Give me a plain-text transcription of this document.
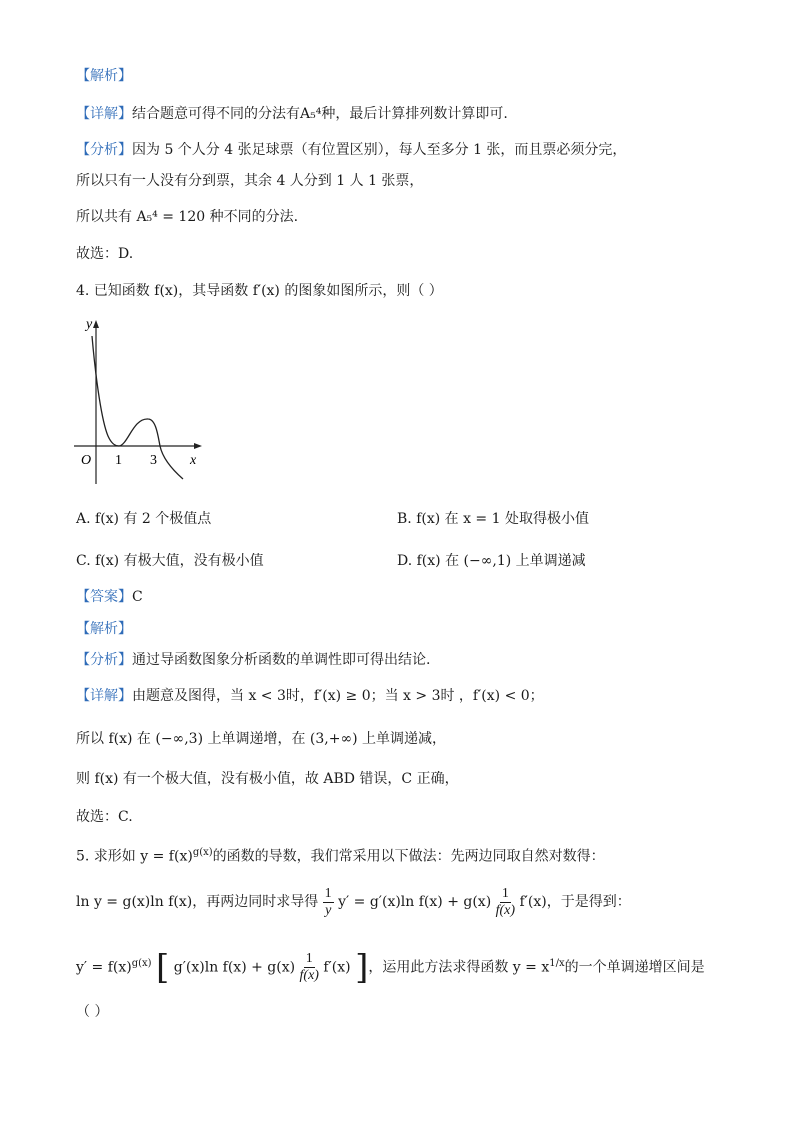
【解析】
【详解】结合题意可得不同的分法有A₅⁴种，最后计算排列数计算即可.
【分析】因为 5 个人分 4 张足球票（有位置区别），每人至多分 1 张，而且票必须分完，
所以只有一人没有分到票，其余 4 人分到 1 人 1 张票，
所以共有 A₅⁴ = 120 种不同的分法.
故选：D.
4. 已知函数 f(x)，其导函数 f′(x) 的图象如图所示，则（ ）
y
x
O 1 3
A. f(x) 有 2 个极值点	B. f(x) 在 x = 1 处取得极小值
C. f(x) 有极大值，没有极小值	D. f(x) 在 (−∞,1) 上单调递减
【答案】C
【解析】
【分析】通过导函数图象分析函数的单调性即可得出结论.
【详解】由题意及图得，当 x < 3时，f′(x) ≥ 0；当 x > 3时 ，f′(x) < 0；
所以 f(x) 在 (−∞,3) 上单调递增，在 (3,+∞) 上单调递减，
则 f(x) 有一个极大值，没有极小值，故 ABD 错误，C 正确，
故选：C.
5. 求形如 $y = f(x)^{g(x)}$的函数的导数，我们常采用以下做法：先两边同取自然对数得：
ln y = g(x)ln f(x)，再两边同时求导得 $\frac{1}{y} y' = g'(x)\ln$ $f(x) + g(x) \frac{1}{f(x)} f'(x)$，于是得到：
$y' = f(x)^{g(x)}$ [ g′(x)ln $f(x) + g(x) \frac{1}{f(x)} f'(x)$ ]，运用此方法求得函数 $y = x^{1/x}$的一个单调递增区间是
（ ）
